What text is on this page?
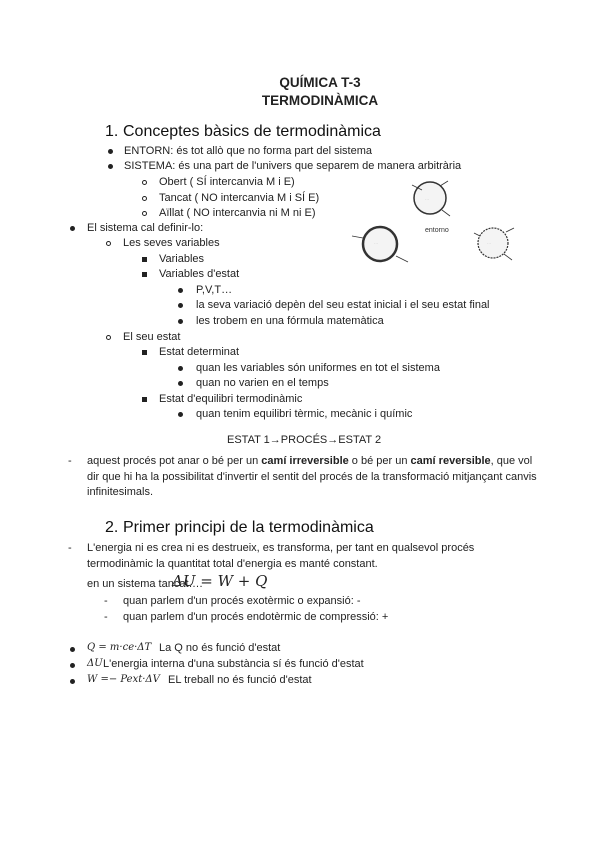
QUÍMICA T-3
TERMODINÀMICA
1. Conceptes bàsics de termodinàmica
ENTORN: és tot allò que no forma part del sistema
SISTEMA: és una part de l'univers que separem de manera arbitrària
Obert ( SÍ intercanvia M i E)
Tancat ( NO intercanvia M i SÍ E)
Aïllat ( NO intercanvia ni M ni E)
El sistema cal definir-lo:
Les seves variables
Variables
Variables d'estat
P,V,T…
la seva variació depèn del seu estat inicial i el seu estat final
les trobem en una fórmula matemàtica
El seu estat
Estat determinat
quan les variables són uniformes en tot el sistema
quan no varien en el temps
Estat d'equilibri termodinàmic
quan tenim equilibri tèrmic, mecànic i químic
ESTAT 1→PROCÉS→ESTAT 2
- aquest procés pot anar o bé per un camí irreversible o bé per un camí reversible, que vol dir que hi ha la possibilitat d'invertir el sentit del procés de la transformació mitjançant canvis infinitesimals.
. . .
. . .	. . .
entorno
2. Primer principi de la termodinàmica
- L'energia ni es crea ni es destrueix, es transforma, per tant en qualsevol procés
termodinàmic la quantitat total d'energia es manté constant.
en un sistema tancat….
ΔU = W + Q
- quan parlem d'un procés exotèrmic o expansió: -
- quan parlem d'un procés endotèrmic de compressió: +
Q = m·ce·ΔT La Q no és funció d'estat
ΔU L'energia interna d'una substància sí és funció d'estat
W =− Pext·ΔV EL treball no és funció d'estat
